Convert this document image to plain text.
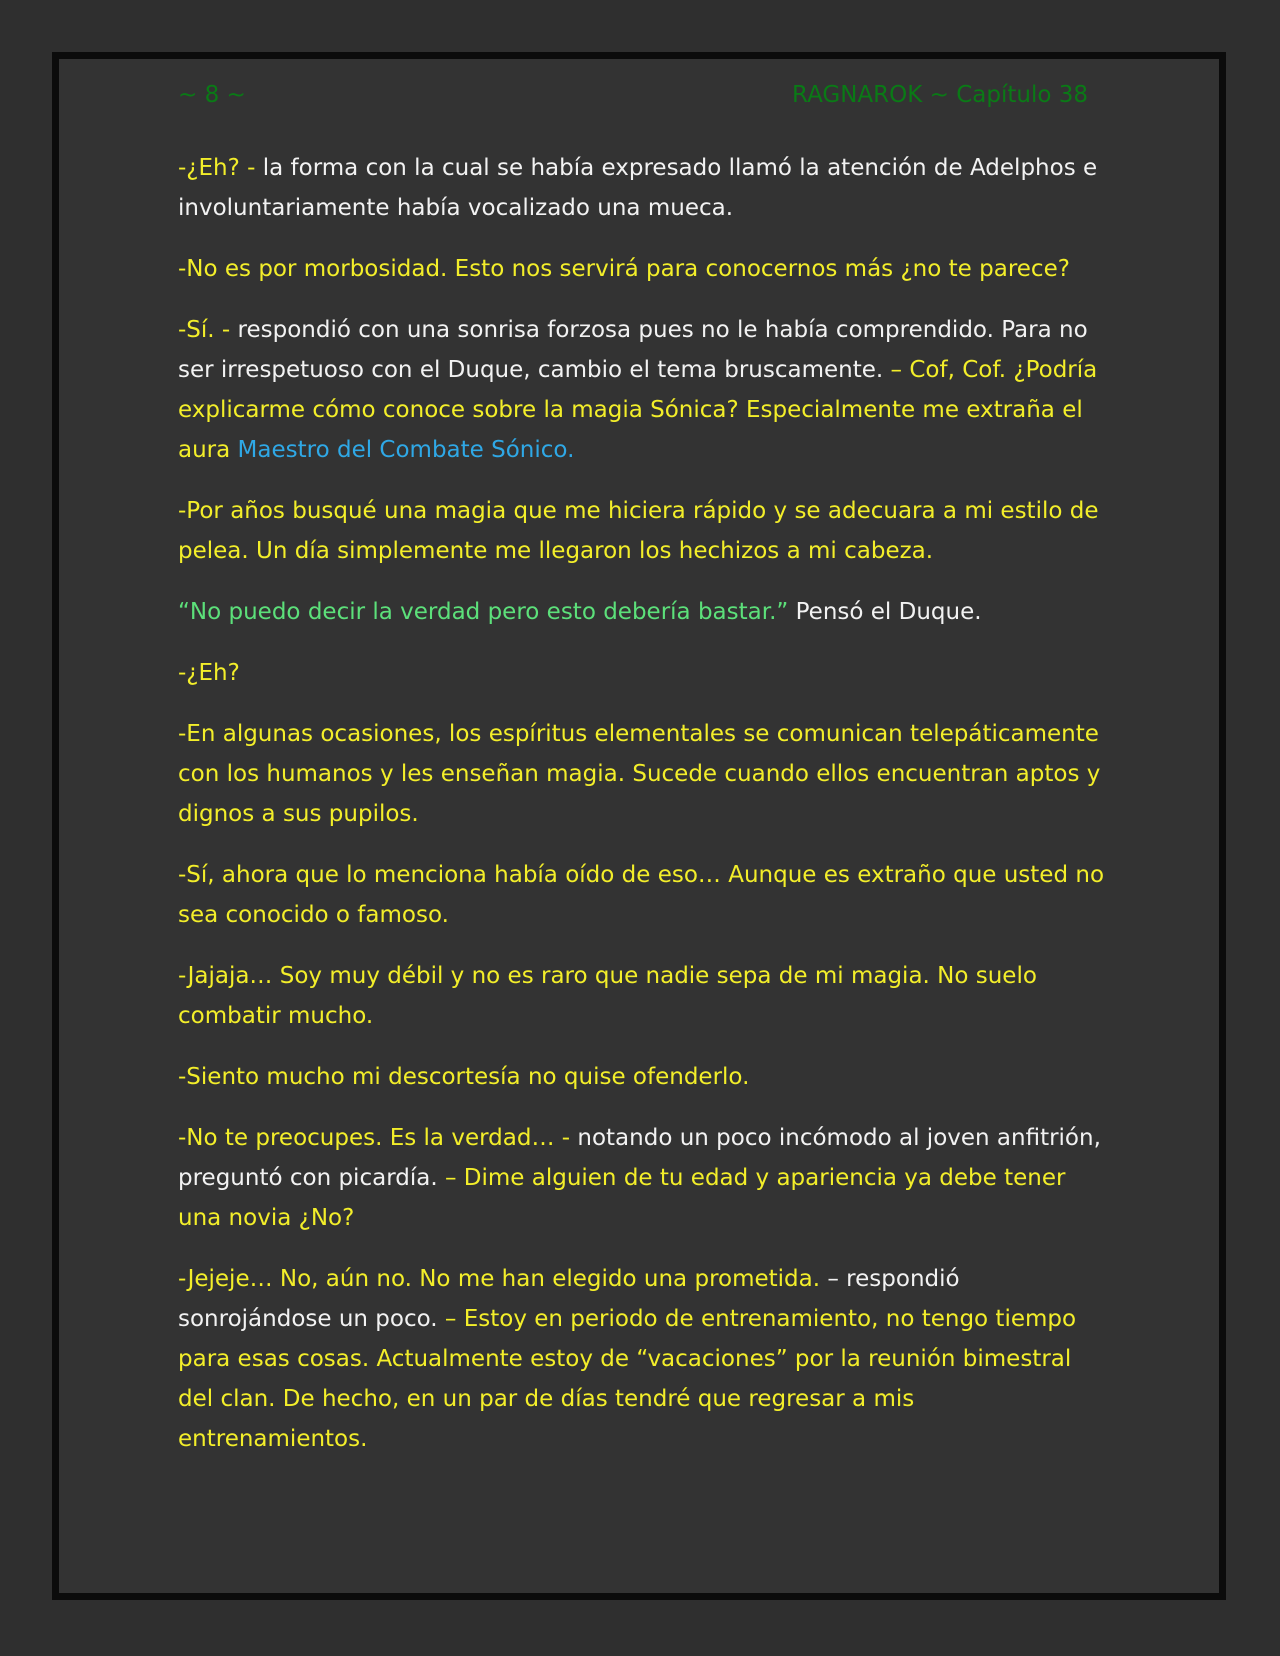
~ 8 ~	RAGNAROK ~ Capítulo 38

-¿Eh? - la forma con la cual se había expresado llamó la atención de Adelphos e involuntariamente había vocalizado una mueca.

-No es por morbosidad. Esto nos servirá para conocernos más ¿no te parece?

-Sí. - respondió con una sonrisa forzosa pues no le había comprendido. Para no ser irrespetuoso con el Duque, cambio el tema bruscamente. – Cof, Cof. ¿Podría explicarme cómo conoce sobre la magia Sónica? Especialmente me extraña el aura Maestro del Combate Sónico.

-Por años busqué una magia que me hiciera rápido y se adecuara a mi estilo de pelea. Un día simplemente me llegaron los hechizos a mi cabeza.

“No puedo decir la verdad pero esto debería bastar.” Pensó el Duque.

-¿Eh?

-En algunas ocasiones, los espíritus elementales se comunican telepáticamente con los humanos y les enseñan magia. Sucede cuando ellos encuentran aptos y dignos a sus pupilos.

-Sí, ahora que lo menciona había oído de eso… Aunque es extraño que usted no sea conocido o famoso.

-Jajaja… Soy muy débil y no es raro que nadie sepa de mi magia. No suelo combatir mucho.

-Siento mucho mi descortesía no quise ofenderlo.

-No te preocupes. Es la verdad… - notando un poco incómodo al joven anfitrión, preguntó con picardía. – Dime alguien de tu edad y apariencia ya debe tener una novia ¿No?

-Jejeje… No, aún no. No me han elegido una prometida. – respondió sonrojándose un poco. – Estoy en periodo de entrenamiento, no tengo tiempo para esas cosas. Actualmente estoy de “vacaciones” por la reunión bimestral del clan. De hecho, en un par de días tendré que regresar a mis entrenamientos.
